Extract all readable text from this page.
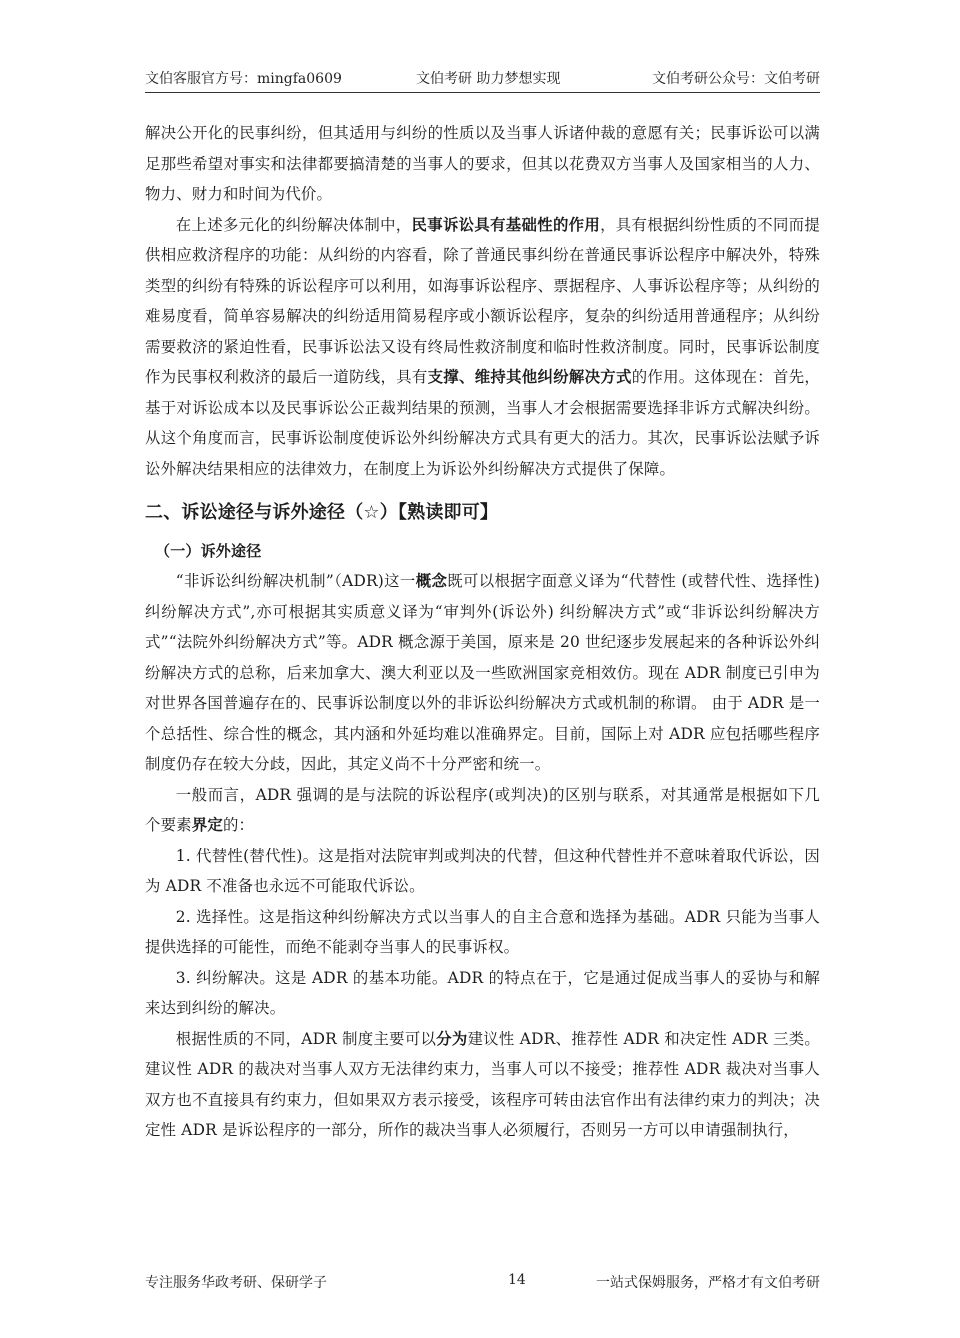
文伯客服官方号：mingfa0609	文伯考研 助力梦想实现	文伯考研公众号：文伯考研

解决公开化的民事纠纷，但其适用与纠纷的性质以及当事人诉诸仲裁的意愿有关；民事诉讼可以满足那些希望对事实和法律都要搞清楚的当事人的要求，但其以花费双方当事人及国家相当的人力、物力、财力和时间为代价。

在上述多元化的纠纷解决体制中，民事诉讼具有基础性的作用，具有根据纠纷性质的不同而提供相应救济程序的功能：从纠纷的内容看，除了普通民事纠纷在普通民事诉讼程序中解决外，特殊类型的纠纷有特殊的诉讼程序可以利用，如海事诉讼程序、票据程序、人事诉讼程序等；从纠纷的难易度看，简单容易解决的纠纷适用简易程序或小额诉讼程序，复杂的纠纷适用普通程序；从纠纷需要救济的紧迫性看，民事诉讼法又设有终局性救济制度和临时性救济制度。同时，民事诉讼制度作为民事权利救济的最后一道防线，具有支撑、维持其他纠纷解决方式的作用。这体现在：首先，基于对诉讼成本以及民事诉讼公正裁判结果的预测，当事人才会根据需要选择非诉方式解决纠纷。从这个角度而言，民事诉讼制度使诉讼外纠纷解决方式具有更大的活力。其次，民事诉讼法赋予诉讼外解决结果相应的法律效力，在制度上为诉讼外纠纷解决方式提供了保障。

二、诉讼途径与诉外途径（☆）【熟读即可】
（一）诉外途径

“非诉讼纠纷解决机制”（ADR)这一概念既可以根据字面意义译为“代替性 (或替代性、选择性)纠纷解决方式”,亦可根据其实质意义译为“审判外(诉讼外) 纠纷解决方式”或“非诉讼纠纷解决方式”“法院外纠纷解决方式”等。ADR 概念源于美国，原来是 20 世纪逐步发展起来的各种诉讼外纠纷解决方式的总称，后来加拿大、澳大利亚以及一些欧洲国家竞相效仿。现在 ADR 制度已引申为对世界各国普遍存在的、民事诉讼制度以外的非诉讼纠纷解决方式或机制的称谓。 由于 ADR 是一个总括性、综合性的概念，其内涵和外延均难以准确界定。目前，国际上对 ADR 应包括哪些程序制度仍存在较大分歧，因此，其定义尚不十分严密和统一。

一般而言，ADR 强调的是与法院的诉讼程序(或判决)的区别与联系，对其通常是根据如下几个要素界定的：

1. 代替性(替代性)。这是指对法院审判或判决的代替，但这种代替性并不意味着取代诉讼，因为 ADR 不准备也永远不可能取代诉讼。

2. 选择性。这是指这种纠纷解决方式以当事人的自主合意和选择为基础。ADR 只能为当事人提供选择的可能性，而绝不能剥夺当事人的民事诉权。

3. 纠纷解决。这是 ADR 的基本功能。ADR 的特点在于，它是通过促成当事人的妥协与和解来达到纠纷的解决。

根据性质的不同，ADR 制度主要可以分为建议性 ADR、推荐性 ADR 和决定性 ADR 三类。建议性 ADR 的裁决对当事人双方无法律约束力，当事人可以不接受；推荐性 ADR 裁决对当事人双方也不直接具有约束力，但如果双方表示接受，该程序可转由法官作出有法律约束力的判决；决定性 ADR 是诉讼程序的一部分，所作的裁决当事人必须履行，否则另一方可以申请强制执行，

专注服务华政考研、保研学子	14	一站式保姆服务，严格才有文伯考研
